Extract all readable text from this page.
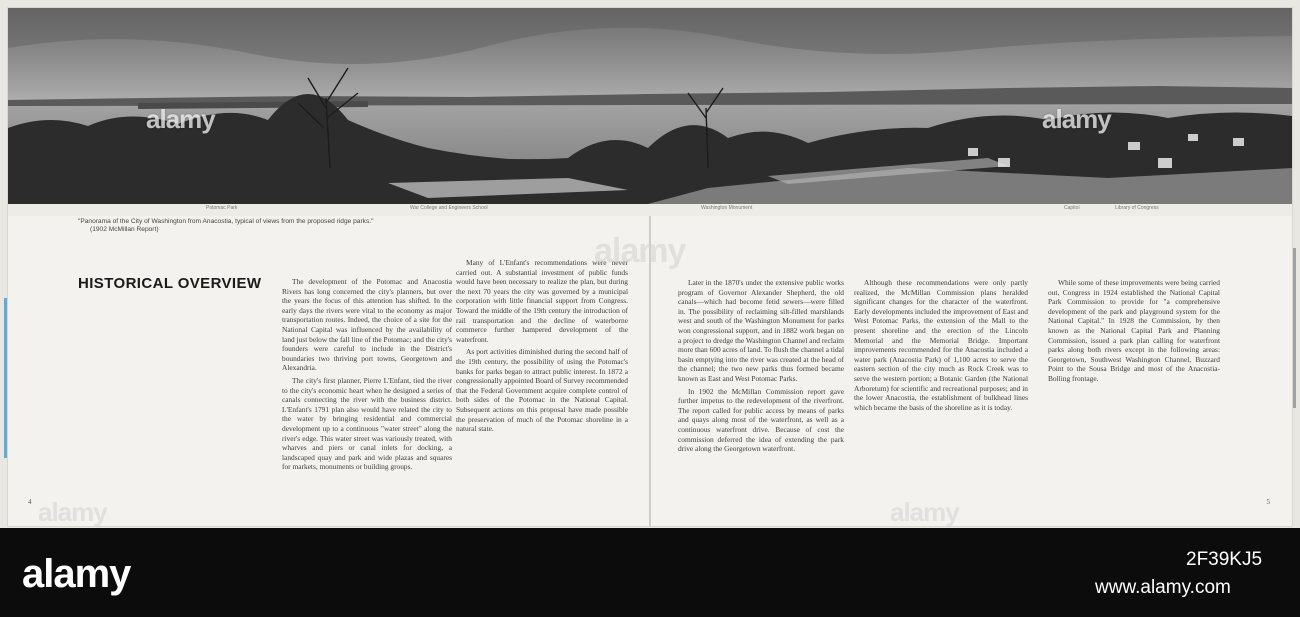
Potomac Park	War College and Engineers School	Washington Monument	Capitol	Library of Congress
"Panorama of the City of Washington from Anacostia, typical of views from the proposed ridge parks."
(1902 McMillan Report)
HISTORICAL OVERVIEW	The development of the Potomac and Anacostia Rivers has long concerned the city's planners, but over the years the focus of this attention has shifted. In the early days the rivers were vital to the economy as major transportation routes. Indeed, the choice of a site for the National Capital was influenced by the availability of land just below the fall line of the Potomac; and the city's founders were careful to include in the District's boundaries two thriving port towns, Georgetown and Alexandria.

The city's first planner, Pierre L'Enfant, tied the river to the city's economic heart when he designed a series of canals connecting the river with the business district. L'Enfant's 1791 plan also would have related the city to the water by bringing residential and commercial development up to a continuous "water street" along the river's edge. This water street was variously treated, with wharves and piers or canal inlets for docking, a landscaped quay and park and wide plazas and squares for markets, monuments or building groups.

Many of L'Enfant's recommendations were never carried out. A substantial investment of public funds would have been necessary to realize the plan, but during the next 70 years the city was governed by a municipal corporation with little financial support from Congress. Toward the middle of the 19th century the introduction of rail transportation and the decline of waterborne commerce further hampered development of the waterfront.

As port activities diminished during the second half of the 19th century, the possibility of using the Potomac's banks for parks began to attract public interest. In 1872 a congressionally appointed Board of Survey recommended that the Federal Government acquire complete control of both sides of the Potomac in the National Capital. Subsequent actions on this proposal have made possible the preservation of much of the Potomac shoreline in a natural state.

Later in the 1870's under the extensive public works program of Governor Alexander Shepherd, the old canals—which had become fetid sewers—were filled in. The possibility of reclaiming silt-filled marshlands west and south of the Washington Monument for parks won congressional support, and in 1882 work began on a project to dredge the Washington Channel and reclaim more than 600 acres of land. To flush the channel a tidal basin emptying into the river was created at the head of the channel; the two new parks thus formed became known as East and West Potomac Parks.

In 1902 the McMillan Commission report gave further impetus to the redevelopment of the riverfront. The report called for public access by means of parks and quays along most of the waterfront, as well as a continuous waterfront drive. Because of cost the commission deferred the idea of extending the park drive along the Georgetown waterfront.

Although these recommendations were only partly realized, the McMillan Commission plans heralded significant changes for the character of the waterfront. Early developments included the improvement of East and West Potomac Parks, the extension of the Mall to the present shoreline and the erection of the Lincoln Memorial and the Memorial Bridge. Important improvements recommended for the Anacostia included a water park (Anacostia Park) of 1,100 acres to serve the eastern section of the city much as Rock Creek was to serve the western portion; a Botanic Garden (the National Arboretum) for scientific and recreational purposes; and in the lower Anacostia, the establishment of bulkhead lines which became the basis of the shoreline as it is today.

While some of these improvements were being carried out, Congress in 1924 established the National Capital Park Commission to provide for "a comprehensive development of the park and playground system for the National Capital." In 1928 the Commission, by then known as the National Capital Park and Planning Commission, issued a park plan calling for waterfront parks along both rivers except in the following areas: Georgetown, Southwest Washington Channel, Buzzard Point to the Sousa Bridge and most of the Anacostia-Bolling frontage.

4	5
alamy	alamy
alamy
alamy	alamy
alamy	2F39KJ5
www.alamy.com
